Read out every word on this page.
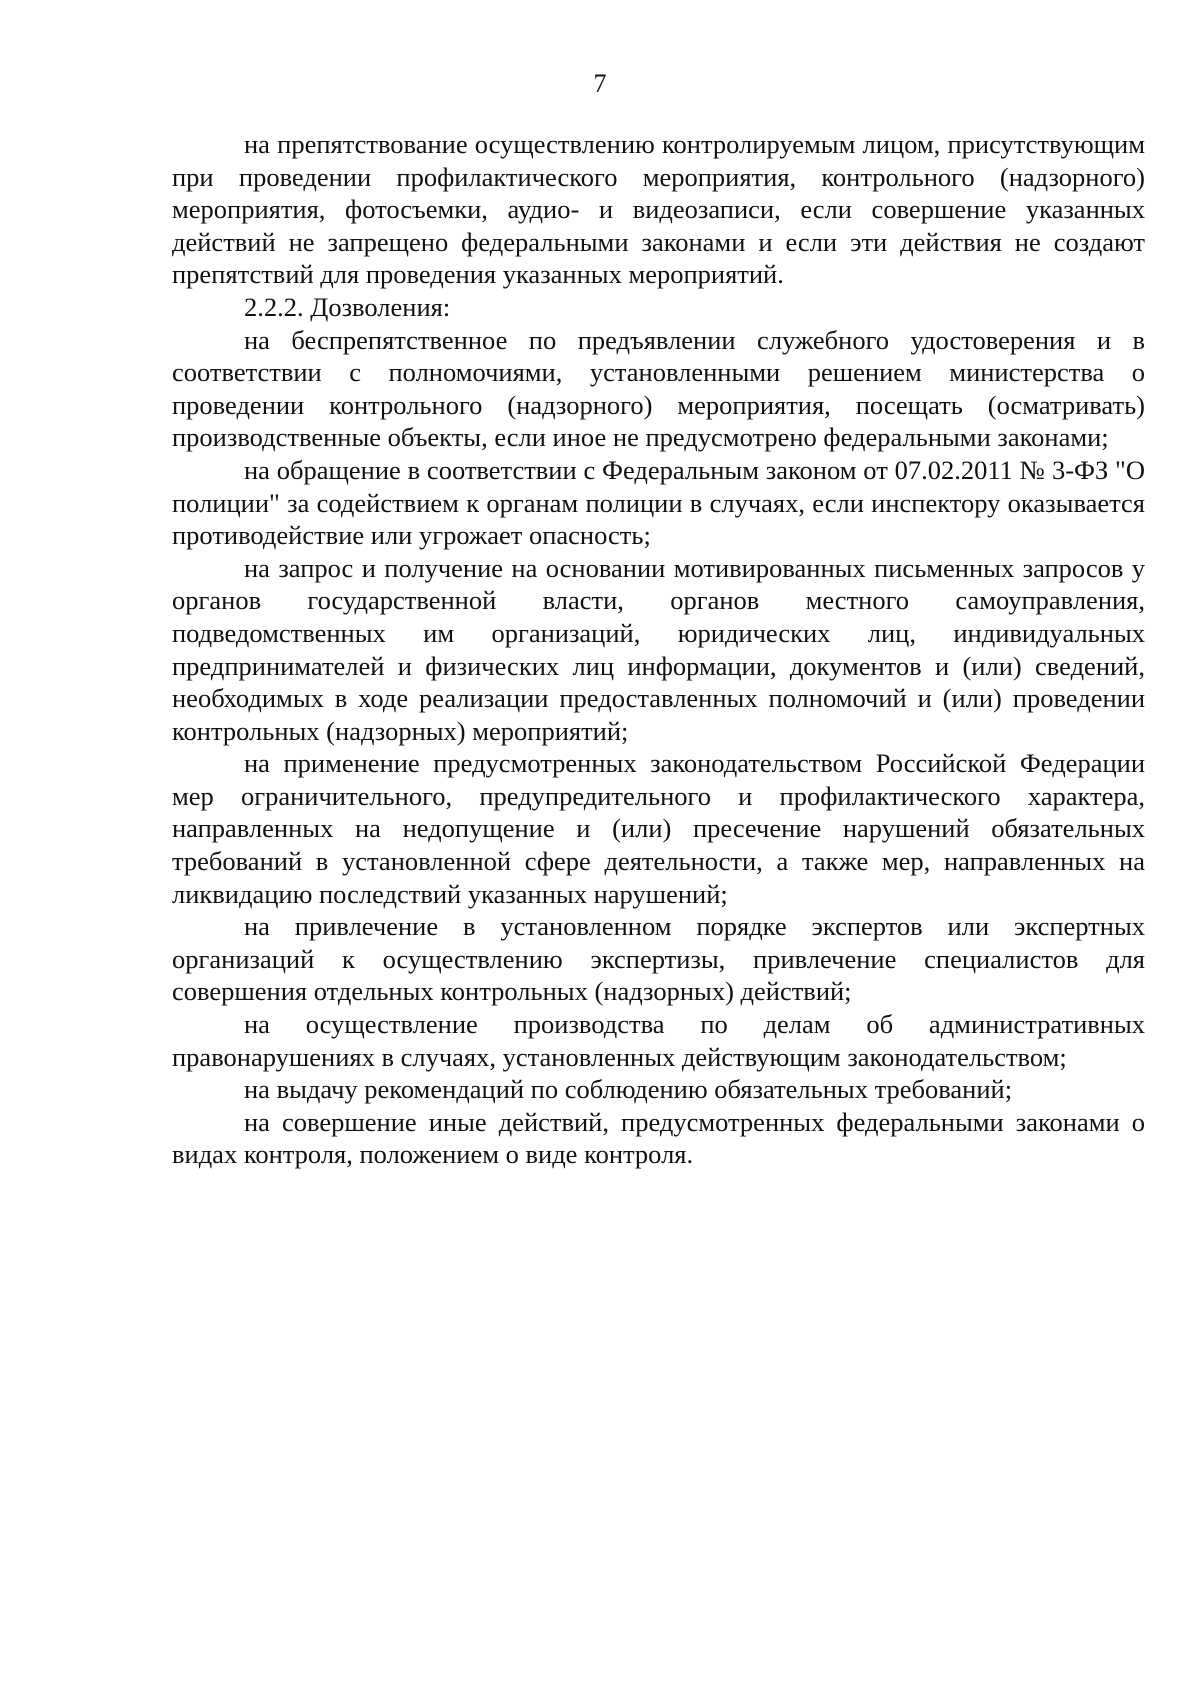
7

на препятствование осуществлению контролируемым лицом, присутствующим при проведении профилактического мероприятия, контрольного (надзорного) мероприятия, фотосъемки, аудио- и видеозаписи, если совершение указанных действий не запрещено федеральными законами и если эти действия не создают препятствий для проведения указанных мероприятий.

2.2.2. Дозволения:

на беспрепятственное по предъявлении служебного удостоверения и в соответствии с полномочиями, установленными решением министерства о проведении контрольного (надзорного) мероприятия, посещать (осматривать) производственные объекты, если иное не предусмотрено федеральными законами;

на обращение в соответствии с Федеральным законом от 07.02.2011 № 3-ФЗ "О полиции" за содействием к органам полиции в случаях, если инспектору оказывается противодействие или угрожает опасность;

на запрос и получение на основании мотивированных письменных запросов у органов государственной власти, органов местного самоуправления, подведомственных им организаций, юридических лиц, индивидуальных предпринимателей и физических лиц информации, документов и (или) сведений, необходимых в ходе реализации предоставленных полномочий и (или) проведении контрольных (надзорных) мероприятий;

на применение предусмотренных законодательством Российской Федерации мер ограничительного, предупредительного и профилактического характера, направленных на недопущение и (или) пресечение нарушений обязательных требований в установленной сфере деятельности, а также мер, направленных на ликвидацию последствий указанных нарушений;

на привлечение в установленном порядке экспертов или экспертных организаций к осуществлению экспертизы, привлечение специалистов для совершения отдельных контрольных (надзорных) действий;

на осуществление производства по делам об административных правонарушениях в случаях, установленных действующим законодательством;

на выдачу рекомендаций по соблюдению обязательных требований;

на совершение иные действий, предусмотренных федеральными законами о видах контроля, положением о виде контроля.
